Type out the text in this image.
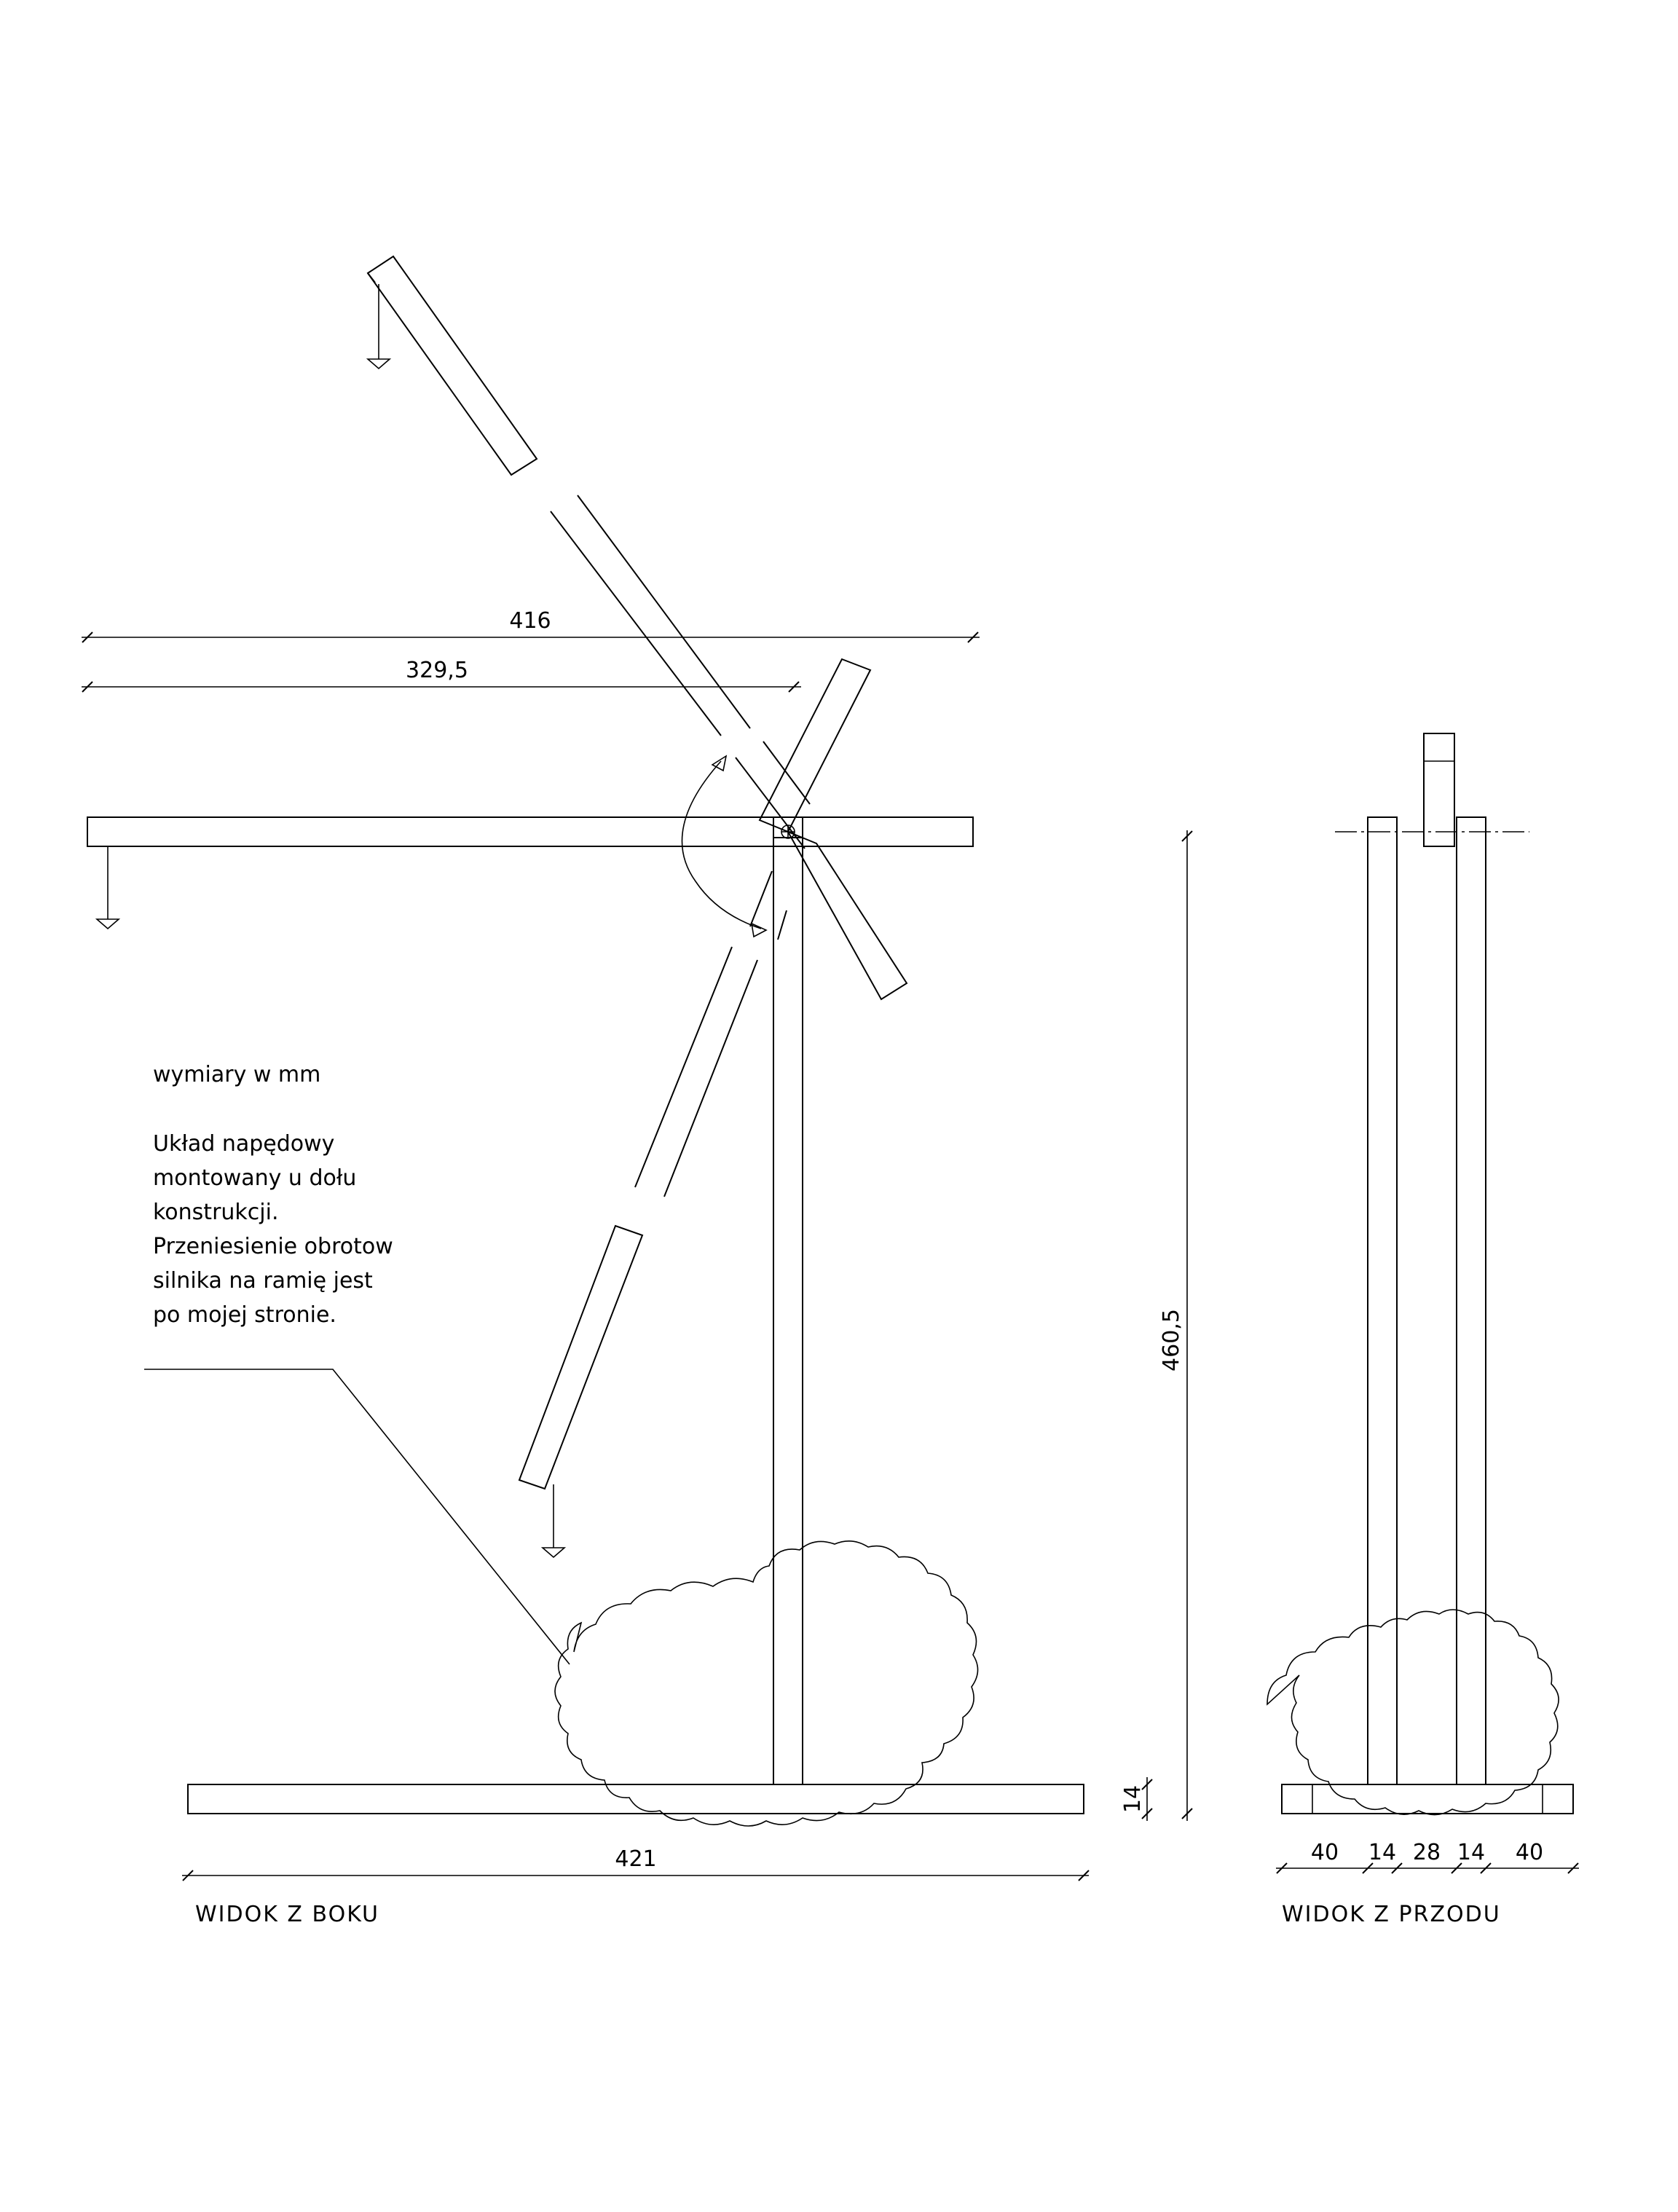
416
329,5
460,5
14
421
wymiary w mm
Układ napędowy
montowany u dołu
konstrukcji.
Przeniesienie obrotow
silnika na ramię jest
po mojej stronie.
WIDOK Z BOKU
40 14 28 14 40
WIDOK Z PRZODU
